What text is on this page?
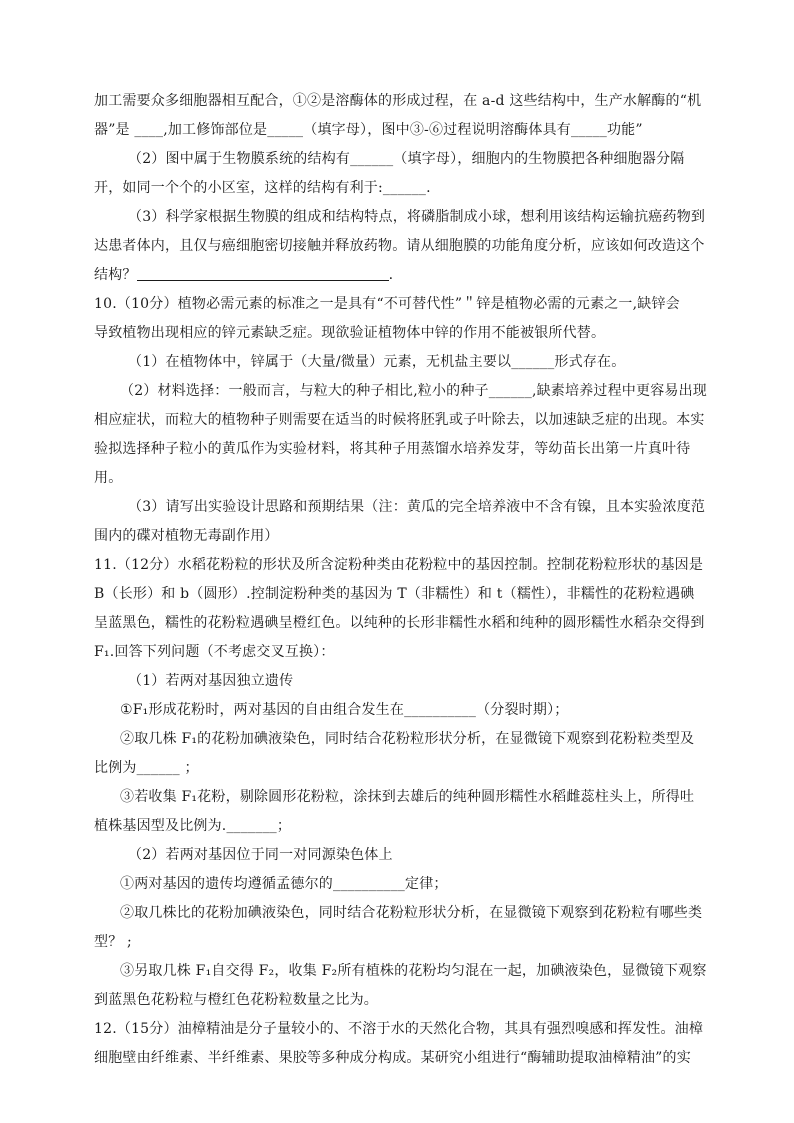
加工需要众多细胞器相互配合，①②是溶酶体的形成过程，在 a-d 这些结构中，生产水解酶的“机
器”是 ____,加工修饰部位是_____（填字母），图中③-⑥过程说明溶酶体具有_____功能”
（2）图中属于生物膜系统的结构有______（填字母），细胞内的生物膜把各种细胞器分隔
开，如同一个个的小区室，这样的结构有利于:______.
（3）科学家根据生物膜的组成和结构特点，将磷脂制成小球，想利用该结构运输抗癌药物到
达患者体内，且仅与癌细胞密切接触并释放药物。请从细胞膜的功能角度分析，应该如何改造这个
结构？	.
10.（10分）植物必需元素的标准之一是具有“不可替代性”＂锌是植物必需的元素之一,缺锌会
导致植物出现相应的锌元素缺乏症。现欲验证植物体中锌的作用不能被银所代替。
（1）在植物体中，锌属于（大量/微量）元素，无机盐主要以______形式存在。
（2）材料选择：一般而言，与粒大的种子相比‚粒小的种子______,缺素培养过程中更容易出现
相应症状，而粒大的植物种子则需要在适当的时候将胚乳或子叶除去，以加速缺乏症的出现。本实
验拟选择种子粒小的黄瓜作为实验材料，将其种子用蒸馏水培养发芽，等幼苗长出第一片真叶待
用。
（3）请写出实验设计思路和预期结果（注：黄瓜的完全培养液中不含有镍，且本实验浓度范
围内的碟对植物无毒副作用）
11.（12分）水稻花粉粒的形状及所含淀粉种类由花粉粒中的基因控制。控制花粉粒形状的基因是
B（长形）和 b（圆形）.控制淀粉种类的基因为 T（非糯性）和 t（糯性），非糯性的花粉粒遇碘
呈蓝黑色，糯性的花粉粒遇碘呈橙红色。以纯种的长形非糯性水稻和纯种的圆形糯性水稻杂交得到
F₁.回答下列问题（不考虑交叉互换）：
（1）若两对基因独立遗传
①F₁形成花粉时，两对基因的自由组合发生在__________（分裂时期）；
②取几株 F₁的花粉加碘液染色，同时结合花粉粒形状分析，在显微镜下观察到花粉粒类型及
比例为______ ；
③若收集 F₁花粉，剔除圆形花粉粒，涂抹到去雄后的纯种圆形糯性水稻雌蕊柱头上，所得吐
植株基因型及比例为._______；
（2）若两对基因位于同一对同源染色体上
①两对基因的遗传均遵循孟德尔的__________定律；
②取几株比的花粉加碘液染色，同时结合花粉粒形状分析，在显微镜下观察到花粉粒有哪些类
型？ ;
③另取几株 F₁自交得 F₂，收集 F₂所有植株的花粉均匀混在一起，加碘液染色，显微镜下观察
到蓝黑色花粉粒与橙红色花粉粒数量之比为。
12.（15分）油樟精油是分子量较小的、不溶于水的天然化合物，其具有强烈嗅感和挥发性。油樟
细胞壁由纤维素、半纤维素、果胶等多种成分构成。某研究小组进行“酶辅助提取油樟精油”的实
